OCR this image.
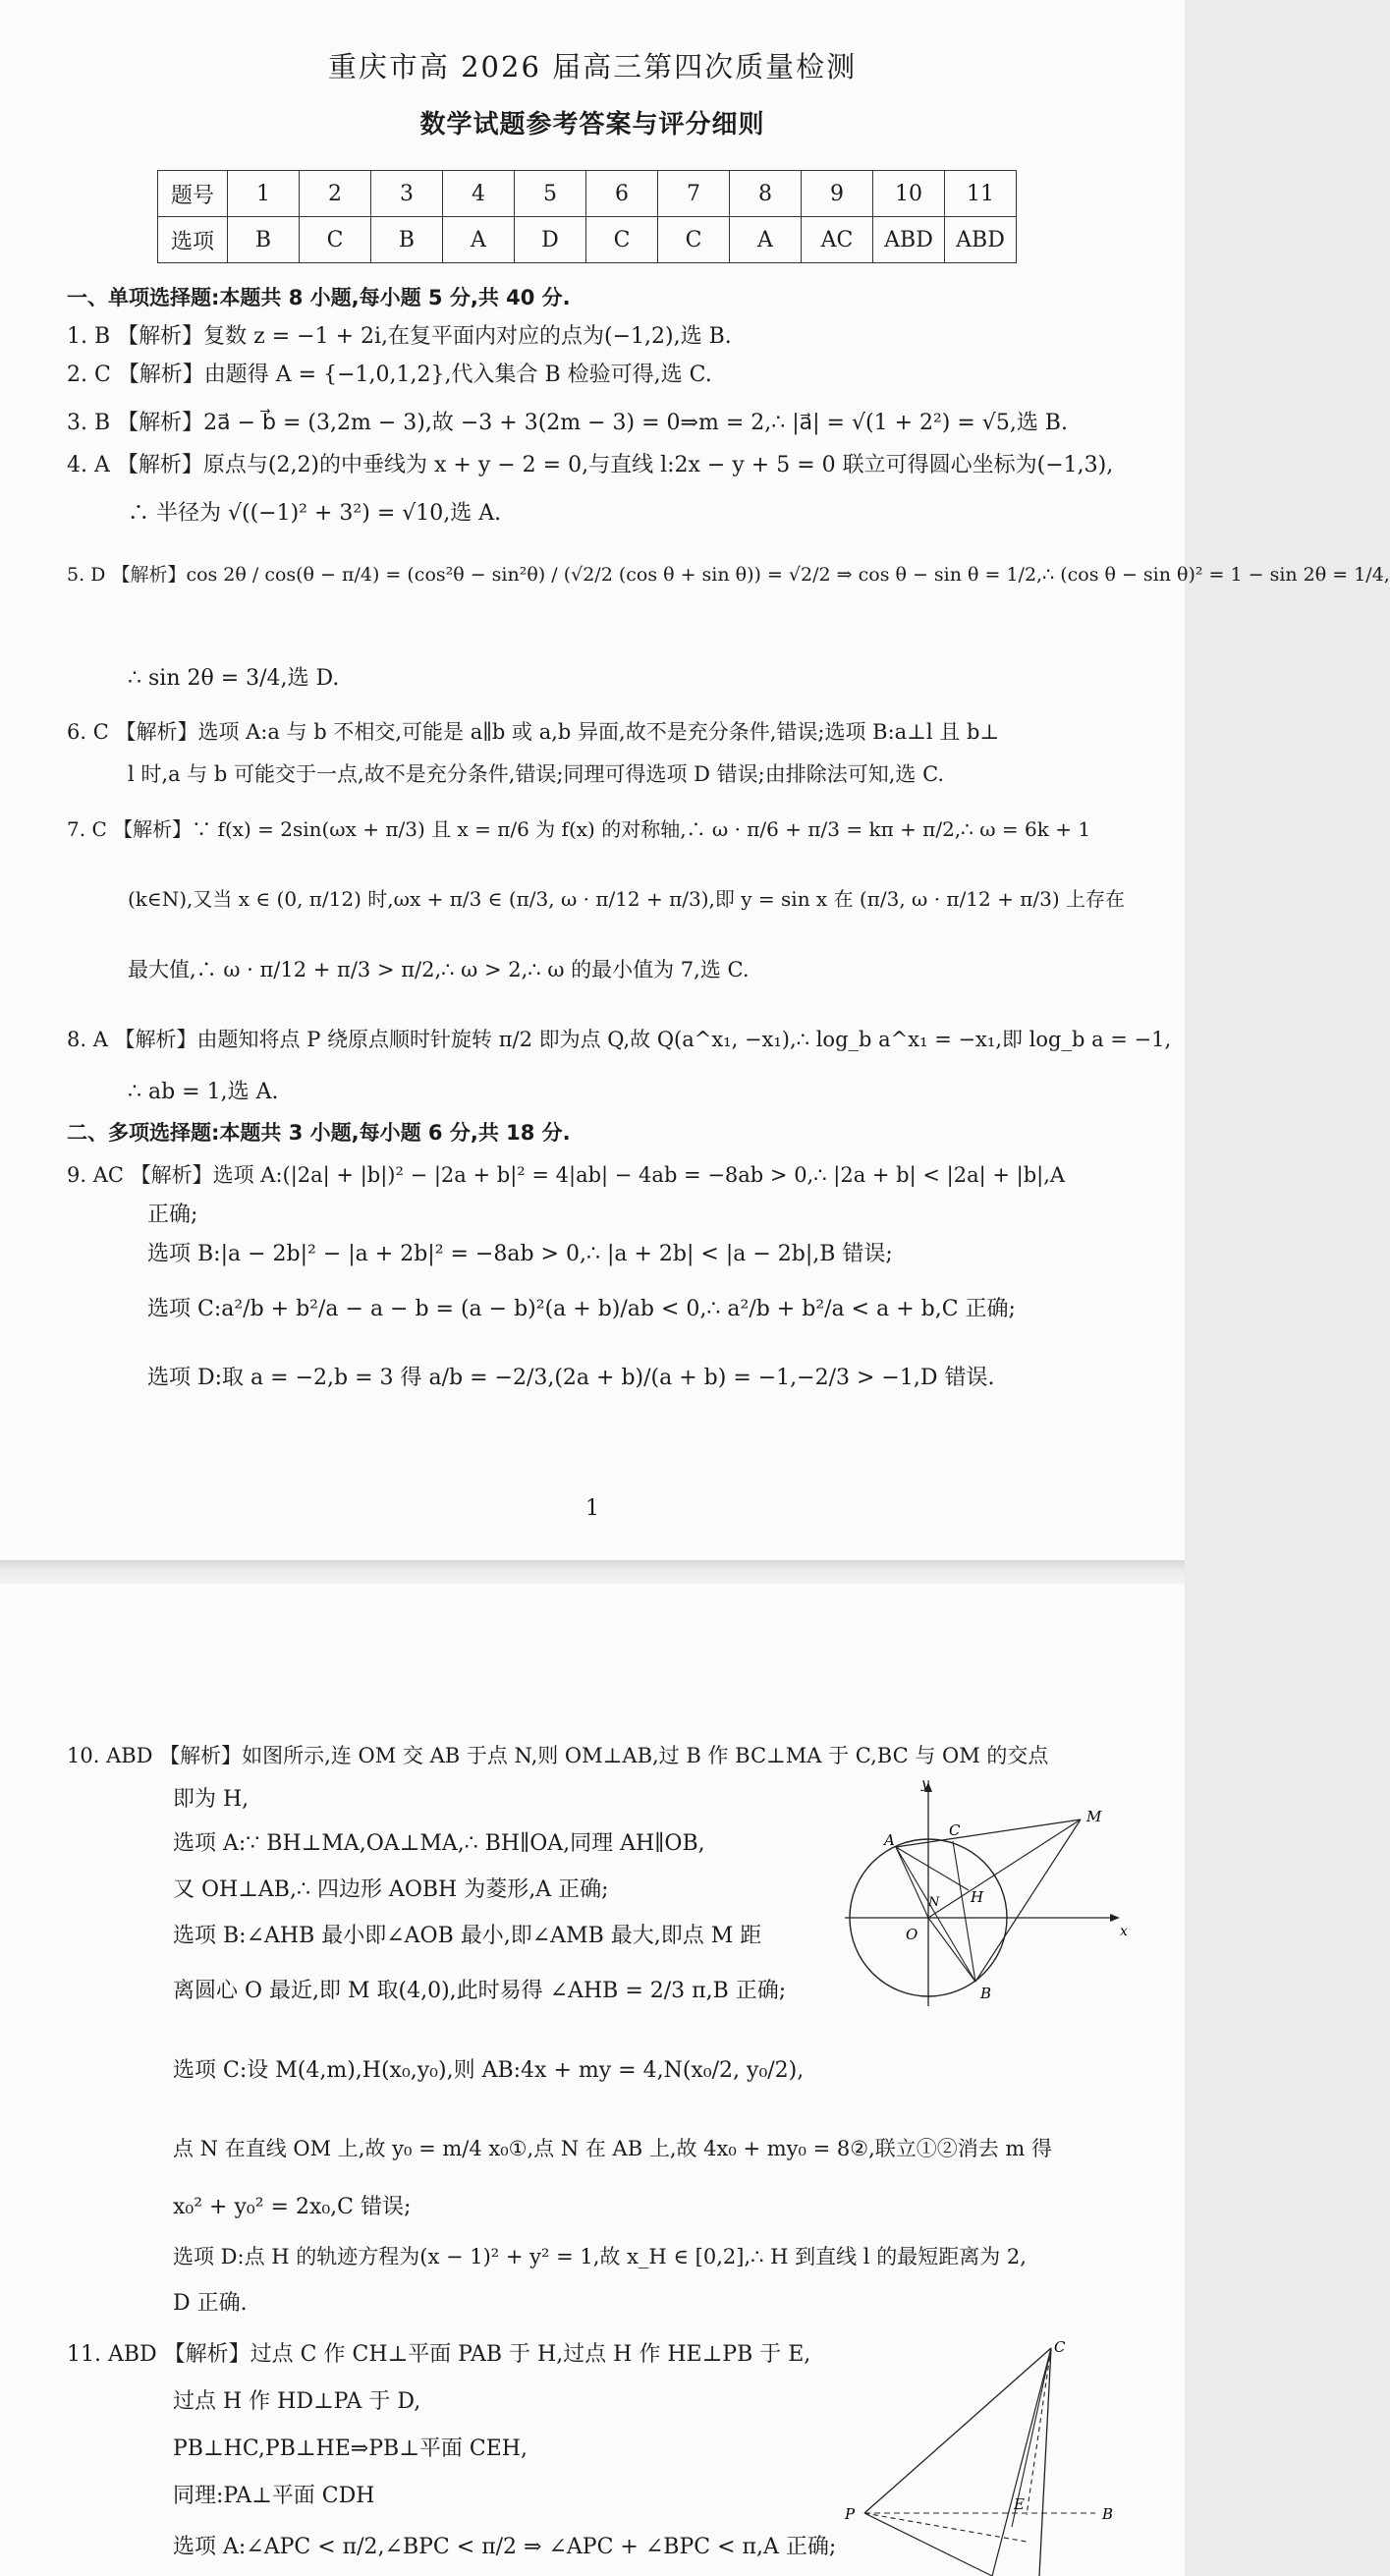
重庆市高 2026 届高三第四次质量检测
数学试题参考答案与评分细则
题号	1	2	3	4	5	6	7	8	9	10	11
选项	B	C	B	A	D	C	C	A	AC	ABD	ABD
一、单项选择题:本题共 8 小题,每小题 5 分,共 40 分.
1. B 【解析】复数 z = −1 + 2i,在复平面内对应的点为(−1,2),选 B.
2. C 【解析】由题得 A = {−1,0,1,2},代入集合 B 检验可得,选 C.
3. B 【解析】2a⃗ − b⃗ = (3,2m − 3),故 −3 + 3(2m − 3) = 0⇒m = 2,∴ |a⃗| = √(1 + 2²) = √5,选 B.
4. A 【解析】原点与(2,2)的中垂线为 x + y − 2 = 0,与直线 l:2x − y + 5 = 0 联立可得圆心坐标为(−1,3),
∴ 半径为 √((−1)² + 3²) = √10,选 A.
5. D 【解析】cos 2θ / cos(θ − π/4) = (cos²θ − sin²θ) / (√2/2 (cos θ + sin θ)) = √2/2 ⇒ cos θ − sin θ = 1/2,∴ (cos θ − sin θ)² = 1 − sin 2θ = 1/4,
∴ sin 2θ = 3/4,选 D.
6. C 【解析】选项 A:a 与 b 不相交,可能是 a∥b 或 a,b 异面,故不是充分条件,错误;选项 B:a⊥l 且 b⊥
l 时,a 与 b 可能交于一点,故不是充分条件,错误;同理可得选项 D 错误;由排除法可知,选 C.
7. C 【解析】∵ f(x) = 2sin(ωx + π/3) 且 x = π/6 为 f(x) 的对称轴,∴ ω · π/6 + π/3 = kπ + π/2,∴ ω = 6k + 1
(k∈N),又当 x ∈ (0, π/12) 时,ωx + π/3 ∈ (π/3, ω · π/12 + π/3),即 y = sin x 在 (π/3, ω · π/12 + π/3) 上存在
最大值,∴ ω · π/12 + π/3 > π/2,∴ ω > 2,∴ ω 的最小值为 7,选 C.
8. A 【解析】由题知将点 P 绕原点顺时针旋转 π/2 即为点 Q,故 Q(a^x₁, −x₁),∴ log_b a^x₁ = −x₁,即 log_b a = −1,
∴ ab = 1,选 A.
二、多项选择题:本题共 3 小题,每小题 6 分,共 18 分.
9. AC 【解析】选项 A:(|2a| + |b|)² − |2a + b|² = 4|ab| − 4ab = −8ab > 0,∴ |2a + b| < |2a| + |b|,A
正确;
选项 B:|a − 2b|² − |a + 2b|² = −8ab > 0,∴ |a + 2b| < |a − 2b|,B 错误;
选项 C:a²/b + b²/a − a − b = (a − b)²(a + b)/ab < 0,∴ a²/b + b²/a < a + b,C 正确;
选项 D:取 a = −2,b = 3 得 a/b = −2/3,(2a + b)/(a + b) = −1,−2/3 > −1,D 错误.
1
10. ABD 【解析】如图所示,连 OM 交 AB 于点 N,则 OM⊥AB,过 B 作 BC⊥MA 于 C,BC 与 OM 的交点
即为 H,
选项 A:∵ BH⊥MA,OA⊥MA,∴ BH∥OA,同理 AH∥OB,
又 OH⊥AB,∴ 四边形 AOBH 为菱形,A 正确;
选项 B:∠AHB 最小即∠AOB 最小,即∠AMB 最大,即点 M 距
离圆心 O 最近,即 M 取(4,0),此时易得 ∠AHB = 2/3 π,B 正确;
选项 C:设 M(4,m),H(x₀,y₀),则 AB:4x + my = 4,N(x₀/2, y₀/2),
点 N 在直线 OM 上,故 y₀ = m/4 x₀①,点 N 在 AB 上,故 4x₀ + my₀ = 8②,联立①②消去 m 得
x₀² + y₀² = 2x₀,C 错误;
选项 D:点 H 的轨迹方程为(x − 1)² + y² = 1,故 x_H ∈ [0,2],∴ H 到直线 l 的最短距离为 2,
D 正确.
11. ABD 【解析】过点 C 作 CH⊥平面 PAB 于 H,过点 H 作 HE⊥PB 于 E,
过点 H 作 HD⊥PA 于 D,
PB⊥HC,PB⊥HE⇒PB⊥平面 CEH,
同理:PA⊥平面 CDH
选项 A:∠APC < π/2,∠BPC < π/2 ⇒ ∠APC + ∠BPC < π,A 正确;
y
x
O
A
B
C
M
H
N
C
P
E
B
